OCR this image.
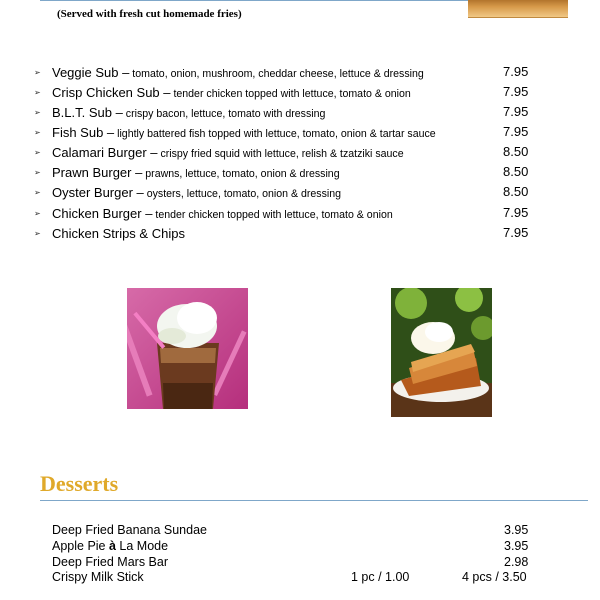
(Served with fresh cut homemade fries)
➢ Veggie Sub – tomato, onion, mushroom, cheddar cheese, lettuce & dressing	7.95
➢ Crisp Chicken Sub – tender chicken topped with lettuce, tomato & onion	7.95
➢ B.L.T. Sub – crispy bacon, lettuce, tomato with dressing	7.95
➢ Fish Sub – lightly battered fish topped with lettuce, tomato, onion & tartar sauce	7.95
➢ Calamari Burger – crispy fried squid with lettuce, relish & tzatziki sauce	8.50
➢ Prawn Burger – prawns, lettuce, tomato, onion & dressing	8.50
➢ Oyster Burger – oysters, lettuce, tomato, onion & dressing	8.50
➢ Chicken Burger – tender chicken topped with lettuce, tomato & onion	7.95
➢ Chicken Strips & Chips	7.95
Desserts
Deep Fried Banana Sundae	3.95
Apple Pie à La Mode	3.95
Deep Fried Mars Bar	2.98
Crispy Milk Stick	1 pc / 1.00	4 pcs / 3.50
